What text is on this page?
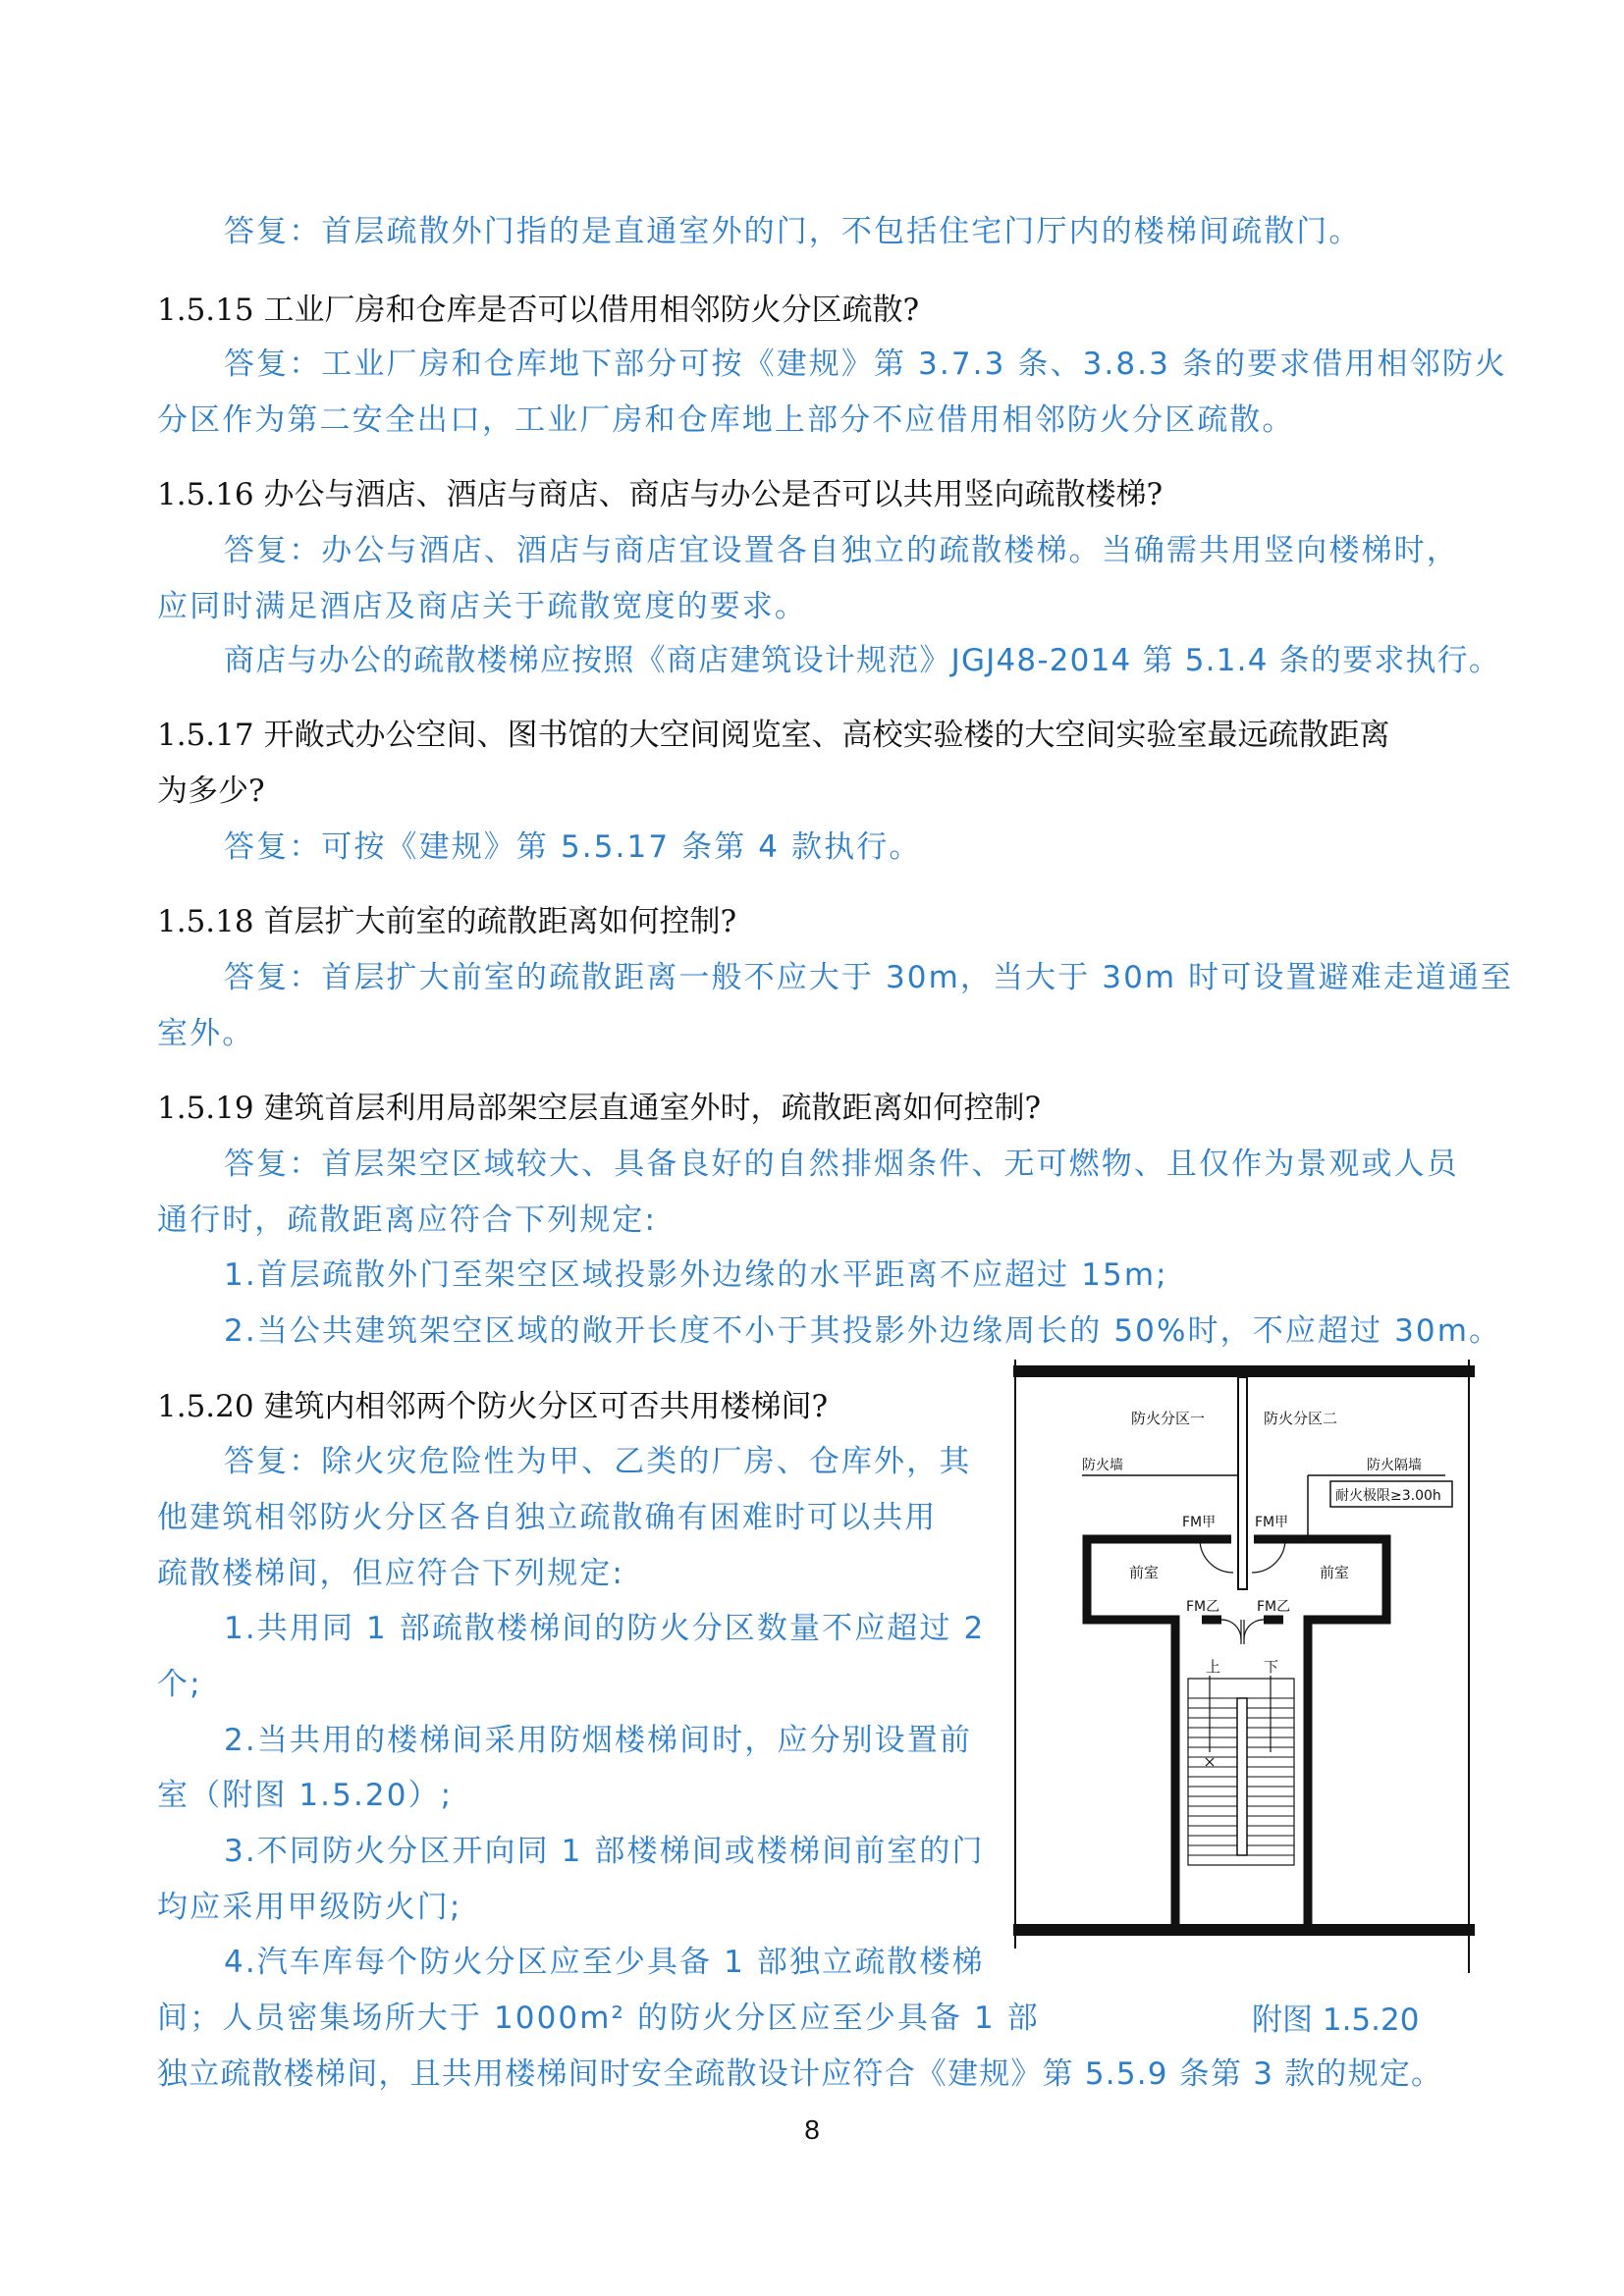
答复：首层疏散外门指的是直通室外的门，不包括住宅门厅内的楼梯间疏散门。
1.5.15 工业厂房和仓库是否可以借用相邻防火分区疏散?
答复：工业厂房和仓库地下部分可按《建规》第 3.7.3 条、3.8.3 条的要求借用相邻防火
分区作为第二安全出口，工业厂房和仓库地上部分不应借用相邻防火分区疏散。
1.5.16 办公与酒店、酒店与商店、商店与办公是否可以共用竖向疏散楼梯?
答复：办公与酒店、酒店与商店宜设置各自独立的疏散楼梯。当确需共用竖向楼梯时，
应同时满足酒店及商店关于疏散宽度的要求。
商店与办公的疏散楼梯应按照《商店建筑设计规范》JGJ48-2014 第 5.1.4 条的要求执行。
1.5.17 开敞式办公空间、图书馆的大空间阅览室、高校实验楼的大空间实验室最远疏散距离
为多少?
答复：可按《建规》第 5.5.17 条第 4 款执行。
1.5.18 首层扩大前室的疏散距离如何控制?
答复：首层扩大前室的疏散距离一般不应大于 30m，当大于 30m 时可设置避难走道通至
室外。
1.5.19 建筑首层利用局部架空层直通室外时，疏散距离如何控制?
答复：首层架空区域较大、具备良好的自然排烟条件、无可燃物、且仅作为景观或人员
通行时，疏散距离应符合下列规定:
1.首层疏散外门至架空区域投影外边缘的水平距离不应超过 15m;
2.当公共建筑架空区域的敞开长度不小于其投影外边缘周长的 50%时，不应超过 30m。
1.5.20 建筑内相邻两个防火分区可否共用楼梯间?
答复：除火灾危险性为甲、乙类的厂房、仓库外，其
他建筑相邻防火分区各自独立疏散确有困难时可以共用
疏散楼梯间，但应符合下列规定:
1.共用同 1 部疏散楼梯间的防火分区数量不应超过 2
个;
2.当共用的楼梯间采用防烟楼梯间时，应分别设置前
室（附图 1.5.20）;
3.不同防火分区开向同 1 部楼梯间或楼梯间前室的门
均应采用甲级防火门;
4.汽车库每个防火分区应至少具备 1 部独立疏散楼梯
间；人员密集场所大于 1000m² 的防火分区应至少具备 1 部
独立疏散楼梯间，且共用楼梯间时安全疏散设计应符合《建规》第 5.5.9 条第 3 款的规定。
防火分区一	防火分区二
防火墙	防火隔墙
耐火极限≥3.00h
FM甲	FM甲
前室	前室
FM乙	FM乙
上	下
附图 1.5.20
8
